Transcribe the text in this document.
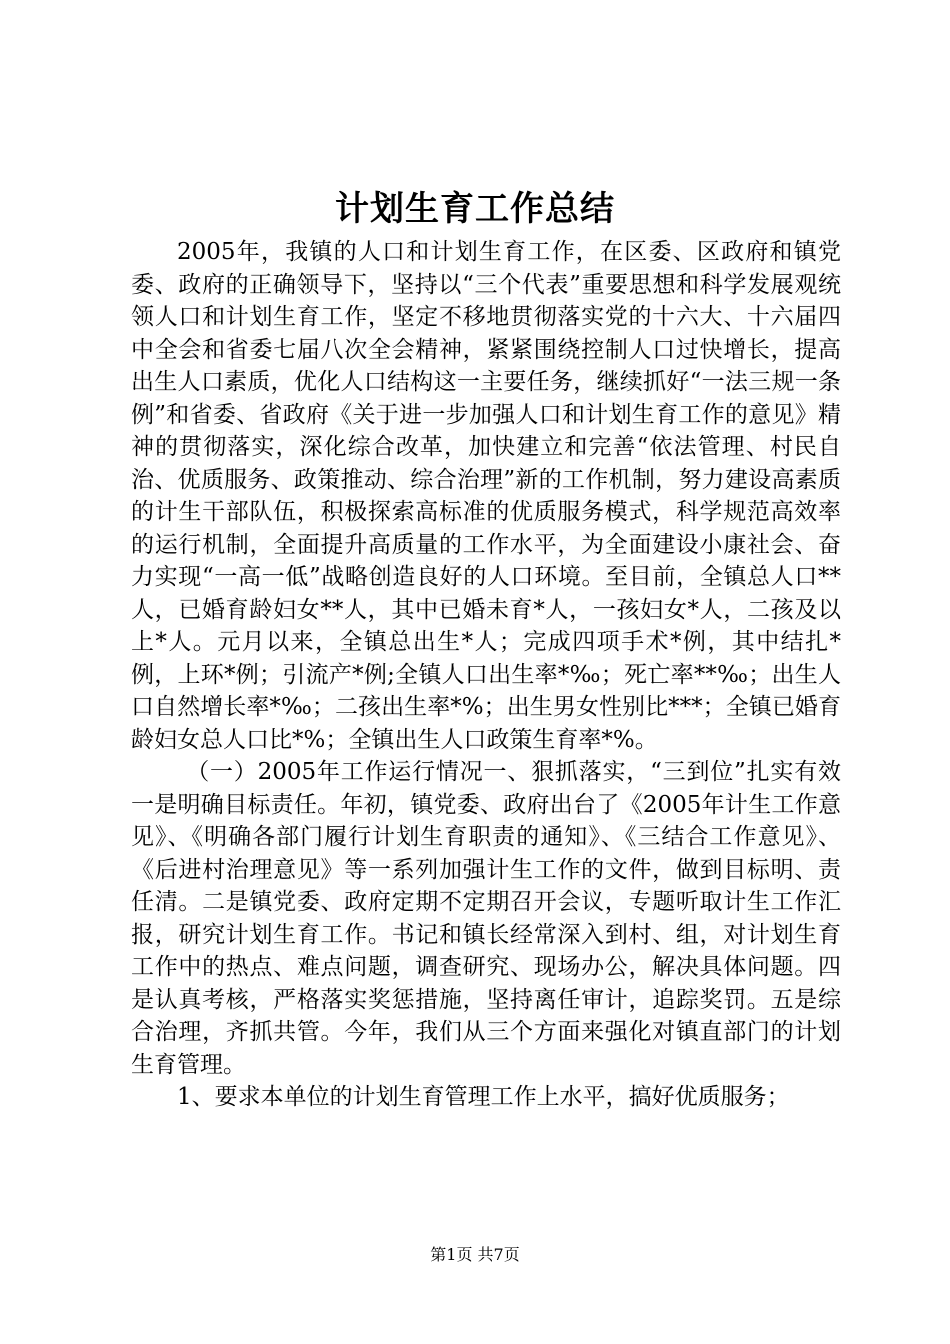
计划生育工作总结

2005年，我镇的人口和计划生育工作，在区委、区政府和镇党委、政府的正确领导下，坚持以“三个代表”重要思想和科学发展观统领人口和计划生育工作，坚定不移地贯彻落实党的十六大、十六届四中全会和省委七届八次全会精神，紧紧围绕控制人口过快增长，提高出生人口素质，优化人口结构这一主要任务，继续抓好“一法三规一条例”和省委、省政府《关于进一步加强人口和计划生育工作的意见》精神的贯彻落实，深化综合改革，加快建立和完善“依法管理、村民自治、优质服务、政策推动、综合治理”新的工作机制，努力建设高素质的计生干部队伍，积极探索高标准的优质服务模式，科学规范高效率的运行机制，全面提升高质量的工作水平，为全面建设小康社会、奋力实现“一高一低”战略创造良好的人口环境。至目前，全镇总人口**人，已婚育龄妇女**人，其中已婚未育*人，一孩妇女*人，二孩及以上*人。元月以来，全镇总出生*人；完成四项手术*例，其中结扎*例，上环*例；引流产*例;全镇人口出生率*‰；死亡率**‰；出生人口自然增长率*‰；二孩出生率*%；出生男女性别比***；全镇已婚育龄妇女总人口比*%；全镇出生人口政策生育率*%。

（一）2005年工作运行情况一、狠抓落实，“三到位”扎实有效一是明确目标责任。年初，镇党委、政府出台了《2005年计生工作意见》、《明确各部门履行计划生育职责的通知》、《三结合工作意见》、《后进村治理意见》等一系列加强计生工作的文件，做到目标明、责任清。二是镇党委、政府定期不定期召开会议，专题听取计生工作汇报，研究计划生育工作。书记和镇长经常深入到村、组，对计划生育工作中的热点、难点问题，调查研究、现场办公，解决具体问题。四是认真考核，严格落实奖惩措施，坚持离任审计，追踪奖罚。五是综合治理，齐抓共管。今年，我们从三个方面来强化对镇直部门的计划生育管理。

1、要求本单位的计划生育管理工作上水平，搞好优质服务；

第1页 共7页
